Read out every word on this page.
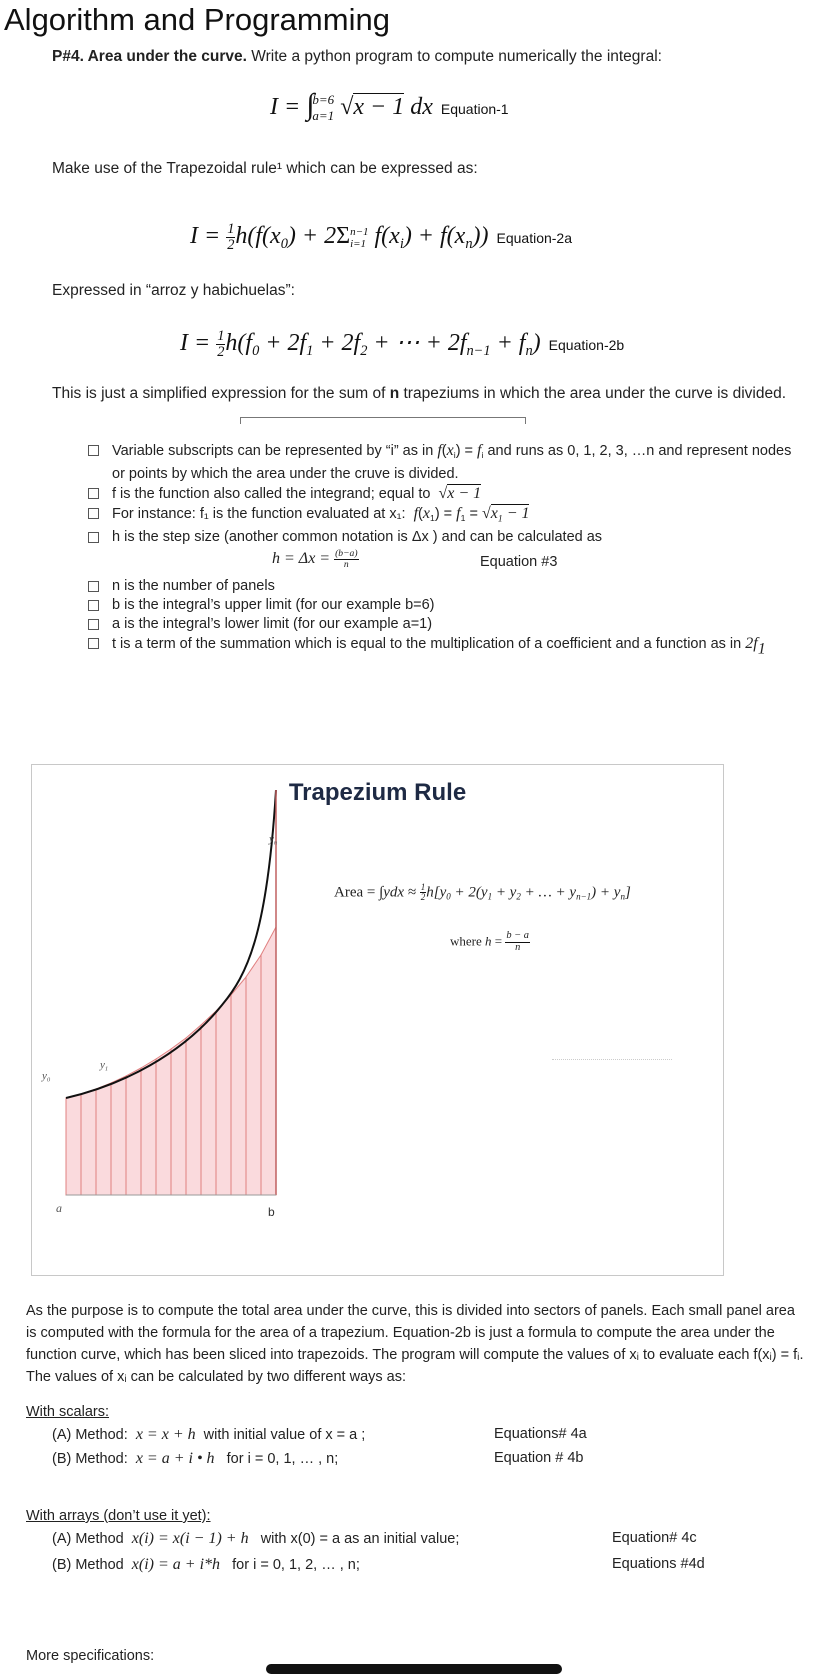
Algorithm and Programming
P#4. Area under the curve. Write a python program to compute numerically the integral:
I = ∫
b=6
a=1 √x − 1 dx Equation-1
Make use of the Trapezoidal rule¹ which can be expressed as:
$I = \frac{1}{2} h(f(x_0) + 2\Sigma$ n−1
i=1 $f(x_i) + f(x_n)$) Equation-2a
Expressed in “arroz y habichuelas”:
$I = \frac{1}{2} h(f_0 + 2f_1 + 2f_2$ + ⋯ + $2f_{n-1} + f_n$) Equation-2b
This is just a simplified expression for the sum of n trapeziums in which the area under the curve is divided.
Variable subscripts can be represented by “i” as in $f(x_i) = f_i$ and runs as 0, 1, 2, 3, …n and represent nodes or points by which the area under the cruve is divided.
f is the function also called the integrand; equal to √x − 1
For instance: f₁ is the function evaluated at x₁: $f(x_1) = f_1 = √x_1 - 1$
h is the step size (another common notation is Δx ) and can be calculated as
$h = \Delta x = \frac{(b-a)}{n}$	Equation #3
n is the number of panels
b is the integral’s upper limit (for our example b=6)
a is the integral’s lower limit (for our example a=1)
t is a term of the summation which is equal to the multiplication of a coefficient and a function as in 2f1
Trapezium Rule
$y_n$
$y_1$
$y_0$
a	b
Area = $\int ydx \approx \frac{1}{2} h[y_0 + 2(y_1 + y_2$ + … + $y_{n-1}) + y_n$]
where $h = \frac{b - a}{n}$
As the purpose is to compute the total area under the curve, this is divided into sectors of panels. Each small panel area is computed with the formula for the area of a trapezium. Equation-2b is just a formula to compute the area under the function curve, which has been sliced into trapezoids. The program will compute the values of xᵢ to evaluate each f(xᵢ) = fᵢ. The values of xᵢ can be calculated by two different ways as:
With scalars:
(A) Method: x = x + h with initial value of x = a ;	Equations# 4a
(B) Method: x = a + i • h for i = 0, 1, … , n;	Equation # 4b
With arrays (don’t use it yet):
(A) Method x(i) = x(i − 1) + h with x(0) = a as an initial value;	Equation# 4c
(B) Method x(i) = a + i*h for i = 0, 1, 2, … , n;	Equations #4d
More specifications:
